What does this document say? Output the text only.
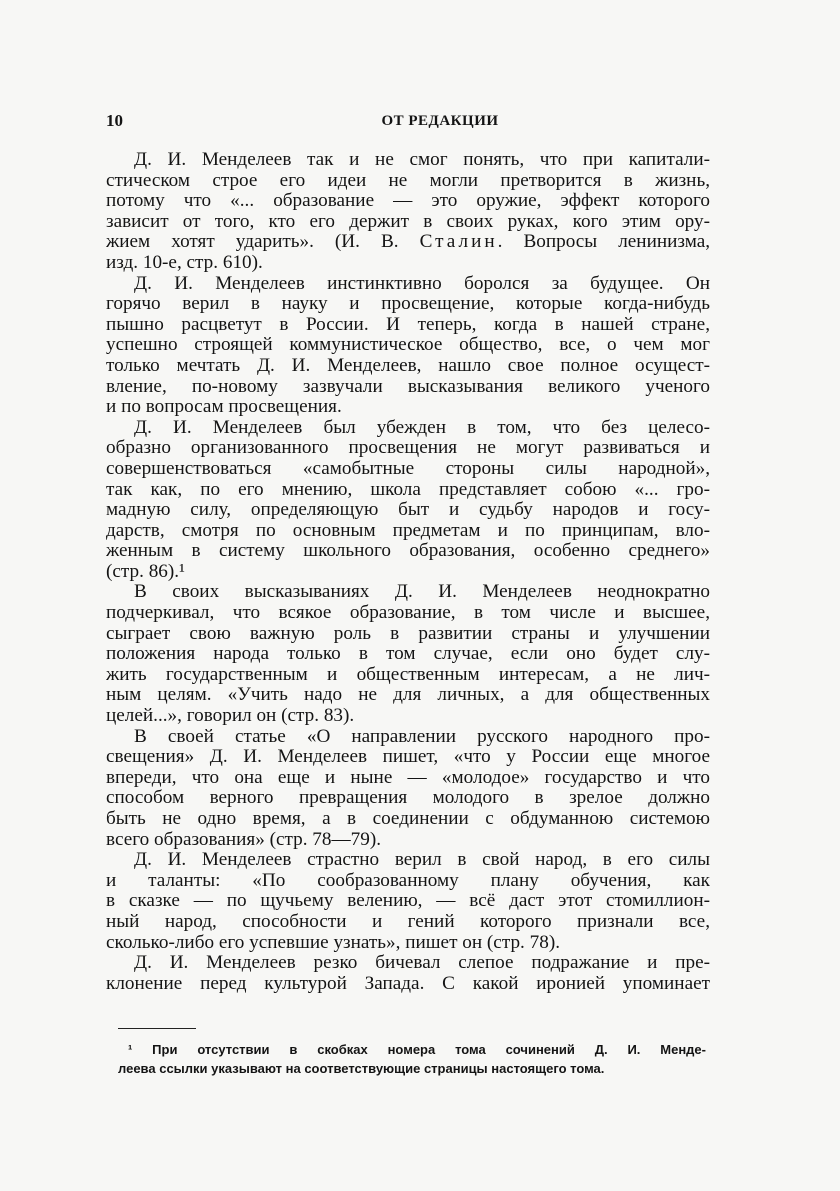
10	ОТ РЕДАКЦИИ
Д. И. Менделеев так и не смог понять, что при капитали-
стическом строе его идеи не могли претворится в жизнь,
потому что «... образование — это оружие, эффект которого
зависит от того, кто его держит в своих руках, кого этим ору-
жием хотят ударить». (И. В. Сталин. Вопросы ленинизма,
изд. 10-е, стр. 610).
Д. И. Менделеев инстинктивно боролся за будущее. Он
горячо верил в науку и просвещение, которые когда-нибудь
пышно расцветут в России. И теперь, когда в нашей стране,
успешно строящей коммунистическое общество, все, о чем мог
только мечтать Д. И. Менделеев, нашло свое полное осущест-
вление, по-новому зазвучали высказывания великого ученого
и по вопросам просвещения.
Д. И. Менделеев был убежден в том, что без целесо-
образно организованного просвещения не могут развиваться и
совершенствоваться «самобытные стороны силы народной»,
так как, по его мнению, школа представляет собою «... гро-
мадную силу, определяющую быт и судьбу народов и госу-
дарств, смотря по основным предметам и по принципам, вло-
женным в систему школьного образования, особенно среднего»
(стр. 86).¹
В своих высказываниях Д. И. Менделеев неоднократно
подчеркивал, что всякое образование, в том числе и высшее,
сыграет свою важную роль в развитии страны и улучшении
положения народа только в том случае, если оно будет слу-
жить государственным и общественным интересам, а не лич-
ным целям. «Учить надо не для личных, а для общественных
целей...», говорил он (стр. 83).
В своей статье «О направлении русского народного про-
свещения» Д. И. Менделеев пишет, «что у России еще многое
впереди, что она еще и ныне — «молодое» государство и что
способом верного превращения молодого в зрелое должно
быть не одно время, а в соединении с обдуманною системою
всего образования» (стр. 78—79).
Д. И. Менделеев страстно верил в свой народ, в его силы
и таланты: «По сообразованному плану обучения, как
в сказке — по щучьему велению, — всё даст этот стомиллион-
ный народ, способности и гений которого признали все,
сколько-либо его успевшие узнать», пишет он (стр. 78).
Д. И. Менделеев резко бичевал слепое подражание и пре-
клонение перед культурой Запада. С какой иронией упоминает
¹ При отсутствии в скобках номера тома сочинений Д. И. Менде-
леева ссылки указывают на соответствующие страницы настоящего тома.
